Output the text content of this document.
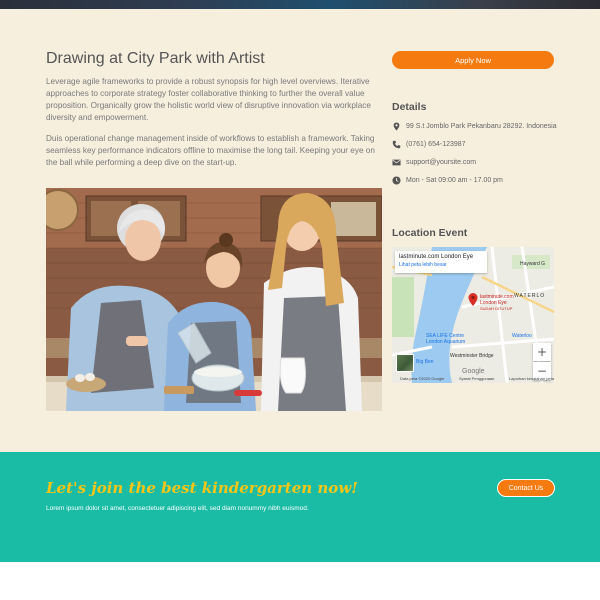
Drawing at City Park with Artist

Leverage agile frameworks to provide a robust synopsis for high level overviews. Iterative approaches to corporate strategy foster collaborative thinking to further the overall value proposition. Organically grow the holistic world view of disruptive innovation via workplace diversity and empowerment.

Duis operational change management inside of workflows to establish a framework. Taking seamless key performance indicators offline to maximise the long tail. Keeping your eye on the ball while performing a deep dive on the start-up.

Apply Now
Details
99 S.t Jomblo Park Pekanbaru 28292. Indonesia
(0761) 654-123987
support@yoursite.com
Mon - Sat 09:00 am - 17.00 pm
Location Event
lastminute.com London Eye
Lihat peta lebih besar
lastminute.com
London Eye
SUDAH DITUTUP
Hayward G
WATERLO
SEA LIFE Centre
London Aquarium
Waterloo
Westminster Bridge
Big Ben
Google
+
−
Data peta ©2020 Google	Syarat Penggunaan	Laporkan kesalahan peta
Let's join the best kindergarten now!
Lorem ipsum dolor sit amet, consectetuer adipiscing elit, sed diam nonummy nibh euismod.
Contact Us
